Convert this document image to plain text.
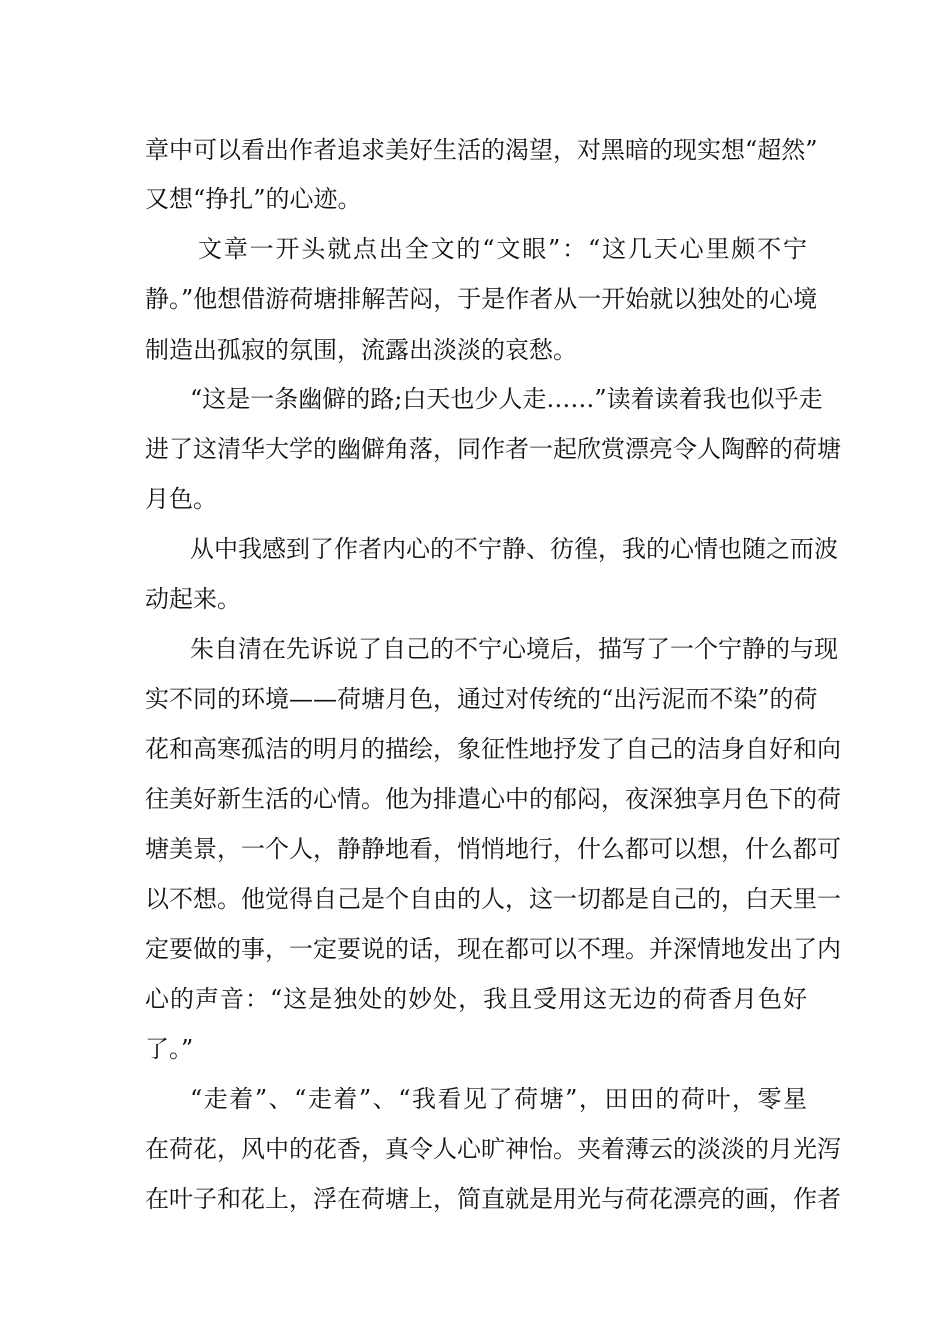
章中可以看出作者追求美好生活的渴望，对黑暗的现实想“超然”
又想“挣扎”的心迹。
文章一开头就点出全文的“文眼”：“这几天心里颇不宁
静。”他想借游荷塘排解苦闷，于是作者从一开始就以独处的心境
制造出孤寂的氛围，流露出淡淡的哀愁。
“这是一条幽僻的路;白天也少人走……”读着读着我也似乎走
进了这清华大学的幽僻角落，同作者一起欣赏漂亮令人陶醉的荷塘
月色。
从中我感到了作者内心的不宁静、彷徨，我的心情也随之而波
动起来。
朱自清在先诉说了自己的不宁心境后，描写了一个宁静的与现
实不同的环境——荷塘月色，通过对传统的“出污泥而不染”的荷
花和高寒孤洁的明月的描绘，象征性地抒发了自己的洁身自好和向
往美好新生活的心情。他为排遣心中的郁闷，夜深独享月色下的荷
塘美景，一个人，静静地看，悄悄地行，什么都可以想，什么都可
以不想。他觉得自己是个自由的人，这一切都是自己的，白天里一
定要做的事，一定要说的话，现在都可以不理。并深情地发出了内
心的声音：“这是独处的妙处，我且受用这无边的荷香月色好
了。”
“走着”、“走着”、“我看见了荷塘”，田田的荷叶，零星
在荷花，风中的花香，真令人心旷神怡。夹着薄云的淡淡的月光泻
在叶子和花上，浮在荷塘上，简直就是用光与荷花漂亮的画，作者
